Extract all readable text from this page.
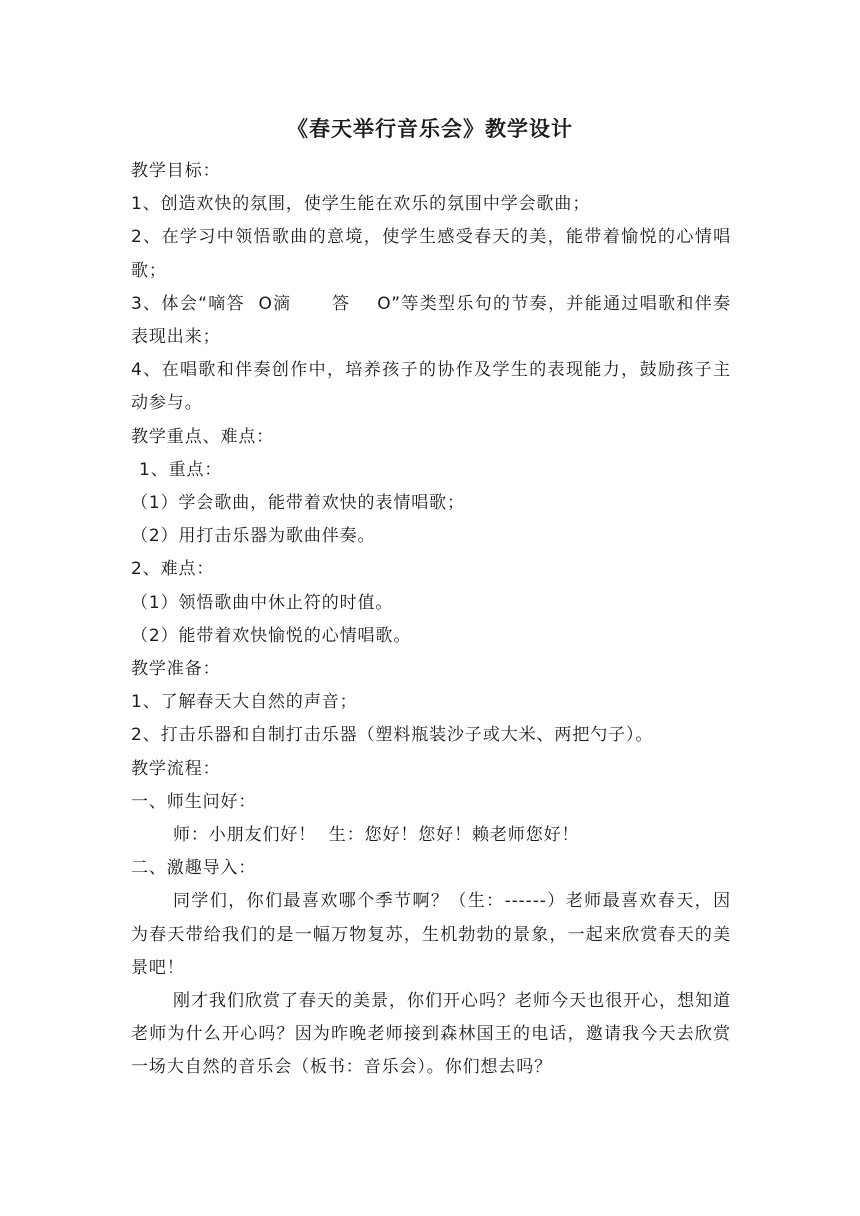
《春天举行音乐会》教学设计

教学目标：

1、创造欢快的氛围，使学生能在欢乐的氛围中学会歌曲；

2、在学习中领悟歌曲的意境，使学生感受春天的美，能带着愉悦的心情唱歌；

3、体会“嘀答  O滴      答    O”等类型乐句的节奏，并能通过唱歌和伴奏表现出来；

4、在唱歌和伴奏创作中，培养孩子的协作及学生的表现能力，鼓励孩子主动参与。

教学重点、难点：

1、重点：

（1）学会歌曲，能带着欢快的表情唱歌；

（2）用打击乐器为歌曲伴奏。

2、难点：

（1）领悟歌曲中休止符的时值。

（2）能带着欢快愉悦的心情唱歌。

教学准备：

1、了解春天大自然的声音；

2、打击乐器和自制打击乐器（塑料瓶装沙子或大米、两把勺子）。

教学流程：

一、师生问好：

师：小朋友们好！  生：您好！您好！赖老师您好！

二、激趣导入：

同学们，你们最喜欢哪个季节啊？（生：------）老师最喜欢春天，因为春天带给我们的是一幅万物复苏，生机勃勃的景象，一起来欣赏春天的美景吧！

刚才我们欣赏了春天的美景，你们开心吗？老师今天也很开心，想知道老师为什么开心吗？因为昨晚老师接到森林国王的电话，邀请我今天去欣赏一场大自然的音乐会（板书：音乐会）。你们想去吗？
